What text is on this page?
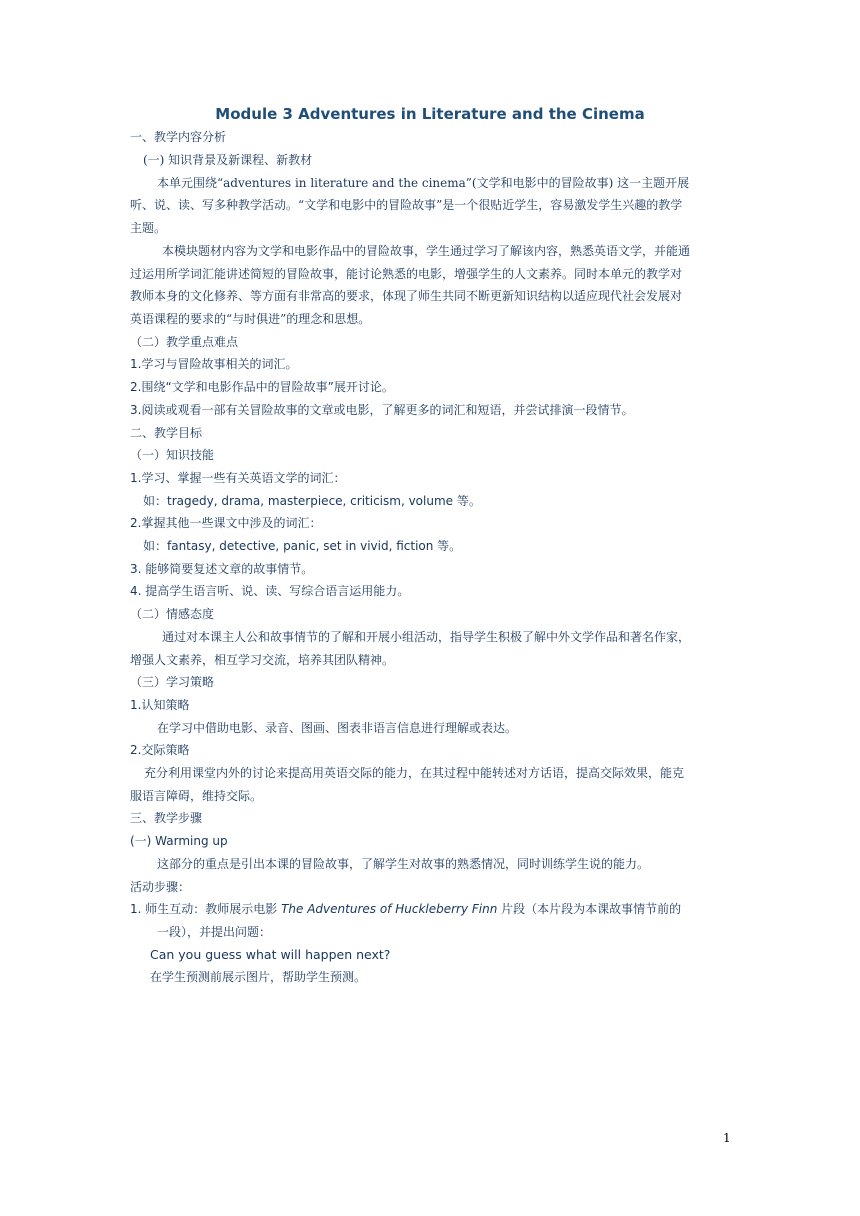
Module 3 Adventures in Literature and the Cinema
一、教学内容分析
(一) 知识背景及新课程、新教材
本单元围绕“adventures in literature and the cinema”(文学和电影中的冒险故事) 这一主题开展
听、说、读、写多种教学活动。“文学和电影中的冒险故事”是一个很贴近学生，容易激发学生兴趣的教学
主题。
本模块题材内容为文学和电影作品中的冒险故事，学生通过学习了解该内容，熟悉英语文学，并能通
过运用所学词汇能讲述简短的冒险故事，能讨论熟悉的电影，增强学生的人文素养。同时本单元的教学对
教师本身的文化修养、等方面有非常高的要求，体现了师生共同不断更新知识结构以适应现代社会发展对
英语课程的要求的“与时俱进”的理念和思想。
（二）教学重点难点
1.学习与冒险故事相关的词汇。
2.围绕“文学和电影作品中的冒险故事”展开讨论。
3.阅读或观看一部有关冒险故事的文章或电影，了解更多的词汇和短语，并尝试排演一段情节。
二、教学目标
（一）知识技能
1.学习、掌握一些有关英语文学的词汇：
如：tragedy, drama, masterpiece, criticism, volume 等。
2.掌握其他一些课文中涉及的词汇：
如：fantasy, detective, panic, set in vivid, fiction 等。
3. 能够简要复述文章的故事情节。
4. 提高学生语言听、说、读、写综合语言运用能力。
（二）情感态度
通过对本课主人公和故事情节的了解和开展小组活动，指导学生积极了解中外文学作品和著名作家，
增强人文素养，相互学习交流，培养其团队精神。
（三）学习策略
1.认知策略
在学习中借助电影、录音、图画、图表非语言信息进行理解或表达。
2.交际策略
充分利用课堂内外的讨论来提高用英语交际的能力，在其过程中能转述对方话语，提高交际效果，能克
服语言障碍，维持交际。
三、教学步骤
(一) Warming up
这部分的重点是引出本课的冒险故事，了解学生对故事的熟悉情况，同时训练学生说的能力。
活动步骤：
1. 师生互动：教师展示电影 The Adventures of Huckleberry Finn 片段（本片段为本课故事情节前的
一段），并提出问题：
Can you guess what will happen next?
在学生预测前展示图片，帮助学生预测。
1
